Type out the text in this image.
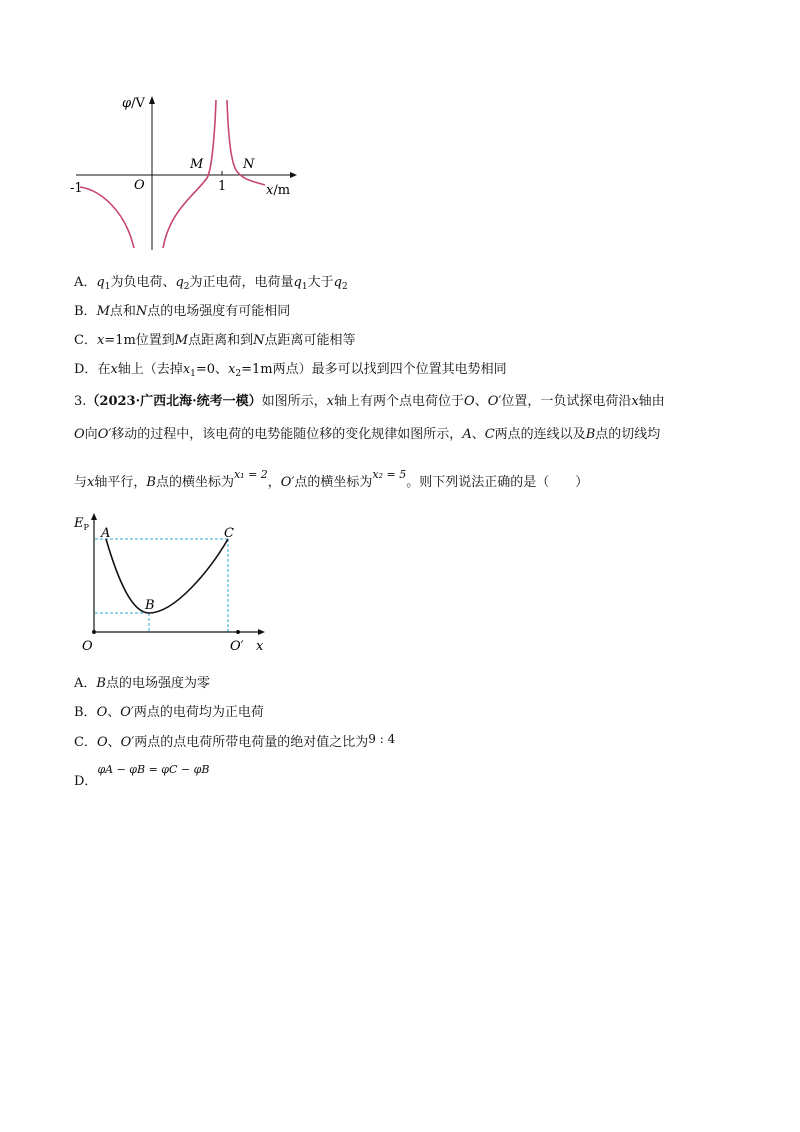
φ/V
x/m
O
-1	1
M	N
A．$q_1$为负电荷、$q_2$为正电荷，电荷量$q_1$大于$q_2$
B．M点和N点的电场强度有可能相同
C．x=1m位置到M点距离和到N点距离可能相等
D．在x轴上（去掉$x_1=0$、$x_2=1m$两点）最多可以找到四个位置其电势相同
3.（2023·广西北海·统考一模）如图所示，x轴上有两个点电荷位于O、O′位置，一负试探电荷沿x轴由
O向O′移动的过程中，该电荷的电势能随位移的变化规律如图所示，A、C两点的连线以及B点的切线均
与x轴平行，B点的横坐标为$^{x_1 = 2}$，O′点的横坐标为$^{x_2 = 5}$。则下列说法正确的是（　　）
$E_P$ A
B
C
O	O′ x
A．B点的电场强度为零
B．O、O′两点的电荷均为正电荷
C．O、O′两点的点电荷所带电荷量的绝对值之比为9 : 4
D．$^{\varphi A - \varphi B = \varphi C - \varphi B}$
